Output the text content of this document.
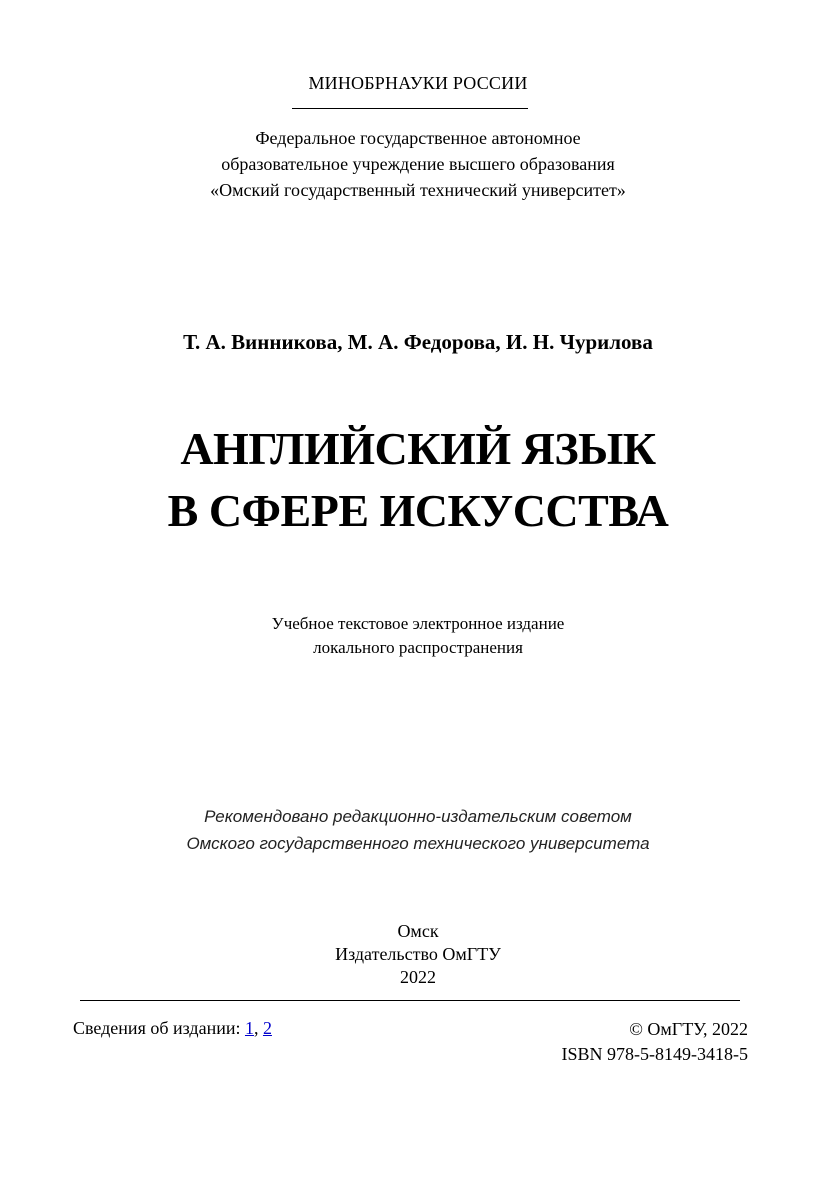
МИНОБРНАУКИ РОССИИ
Федеральное государственное автономное
образовательное учреждение высшего образования
«Омский государственный технический университет»
Т. А. Винникова, М. А. Федорова, И. Н. Чурилова
АНГЛИЙСКИЙ ЯЗЫК
В СФЕРЕ ИСКУССТВА
Учебное текстовое электронное издание
локального распространения
Рекомендовано редакционно-издательским советом
Омского государственного технического университета
Омск
Издательство ОмГТУ
2022
Сведения об издании: 1, 2	© ОмГТУ, 2022
ISBN 978-5-8149-3418-5
